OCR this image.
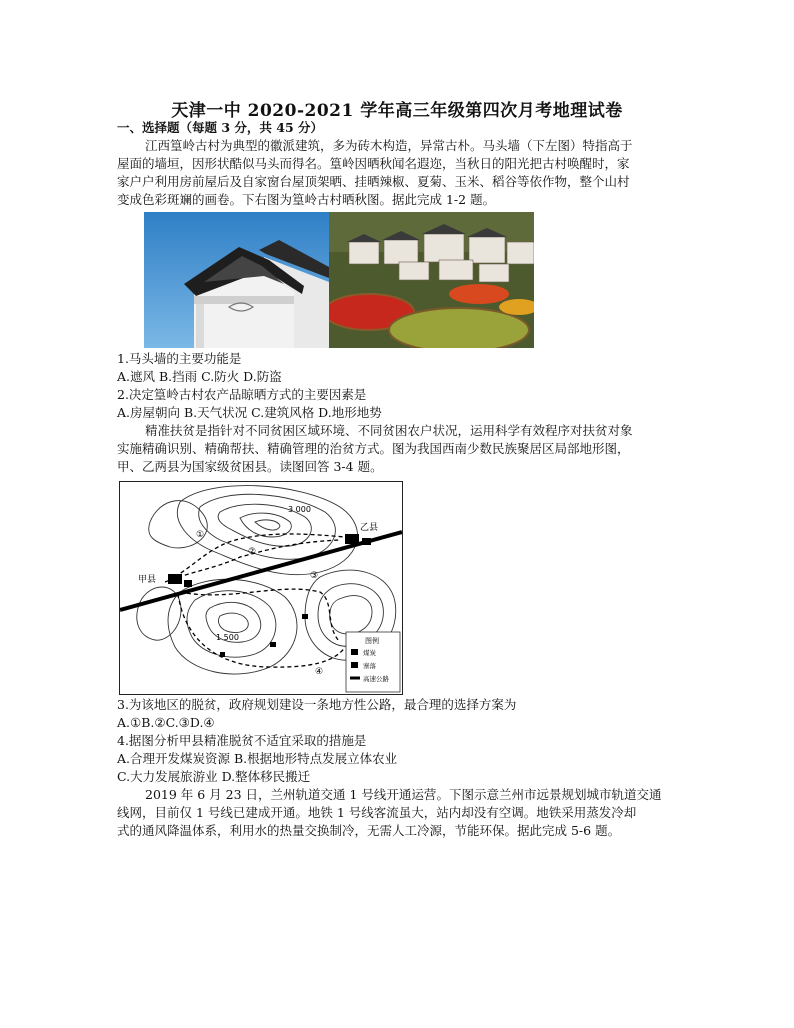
天津一中 2020-2021 学年高三年级第四次月考地理试卷
一、选择题（每题 3 分，共 45 分）
江西篁岭古村为典型的徽派建筑，多为砖木构造，异常古朴。马头墙（下左图）特指高于
屋面的墙垣，因形状酷似马头而得名。篁岭因晒秋闻名遐迩，当秋日的阳光把古村唤醒时，家
家户户利用房前屋后及自家窗台屋顶架晒、挂晒辣椒、夏菊、玉米、稻谷等依作物，整个山村
变成色彩斑斓的画卷。下右图为篁岭古村晒秋图。据此完成 1-2 题。
1.马头墙的主要功能是
A.遮风 B.挡雨 C.防火 D.防盗
2.决定篁岭古村农产品晾晒方式的主要因素是
A.房屋朝向 B.天气状况 C.建筑风格 D.地形地势
精准扶贫是指针对不同贫困区域环境、不同贫困农户状况，运用科学有效程序对扶贫对象
实施精确识别、精确帮扶、精确管理的治贫方式。图为我国西南少数民族聚居区局部地形图，
甲、乙两县为国家级贫困县。读图回答 3-4 题。
图例
煤炭
寨落
高速公路
甲县
乙县
3 000
1 500
①
②
③
④
3.为该地区的脱贫，政府规划建设一条地方性公路，最合理的选择方案为
A.①B.②C.③D.④
4.据图分析甲县精准脱贫不适宜采取的措施是
A.合理开发煤炭资源 B.根据地形特点发展立体农业
C.大力发展旅游业 D.整体移民搬迁
2019 年 6 月 23 日，兰州轨道交通 1 号线开通运营。下图示意兰州市远景规划城市轨道交通
线网，目前仅 1 号线已建成开通。地铁 1 号线客流虽大，站内却没有空调。地铁采用蒸发冷却
式的通风降温体系，利用水的热量交换制冷，无需人工冷源，节能环保。据此完成 5-6 题。
